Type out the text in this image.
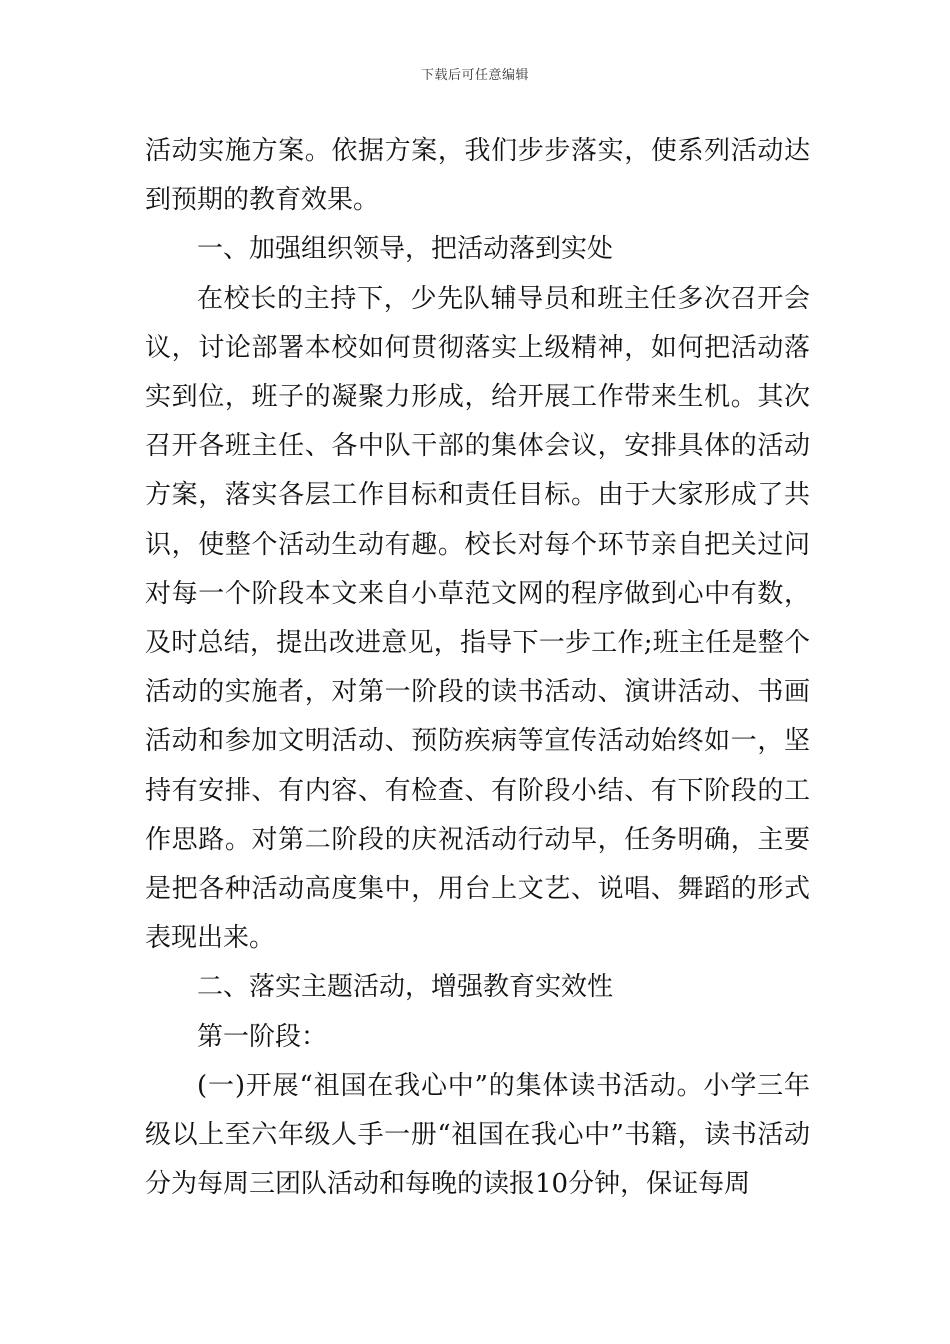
下载后可任意编辑

活动实施方案。依据方案，我们步步落实，使系列活动达到预期的教育效果。

一、加强组织领导，把活动落到实处

在校长的主持下，少先队辅导员和班主任多次召开会议，讨论部署本校如何贯彻落实上级精神，如何把活动落实到位，班子的凝聚力形成，给开展工作带来生机。其次召开各班主任、各中队干部的集体会议，安排具体的活动方案，落实各层工作目标和责任目标。由于大家形成了共识，使整个活动生动有趣。校长对每个环节亲自把关过问对每一个阶段本文来自小草范文网的程序做到心中有数，及时总结，提出改进意见，指导下一步工作;班主任是整个活动的实施者，对第一阶段的读书活动、演讲活动、书画活动和参加文明活动、预防疾病等宣传活动始终如一，坚持有安排、有内容、有检查、有阶段小结、有下阶段的工作思路。对第二阶段的庆祝活动行动早，任务明确，主要是把各种活动高度集中，用台上文艺、说唱、舞蹈的形式表现出来。

二、落实主题活动，增强教育实效性

第一阶段：

(一)开展“祖国在我心中”的集体读书活动。小学三年级以上至六年级人手一册“祖国在我心中”书籍，读书活动分为每周三团队活动和每晚的读报10分钟，保证每周
